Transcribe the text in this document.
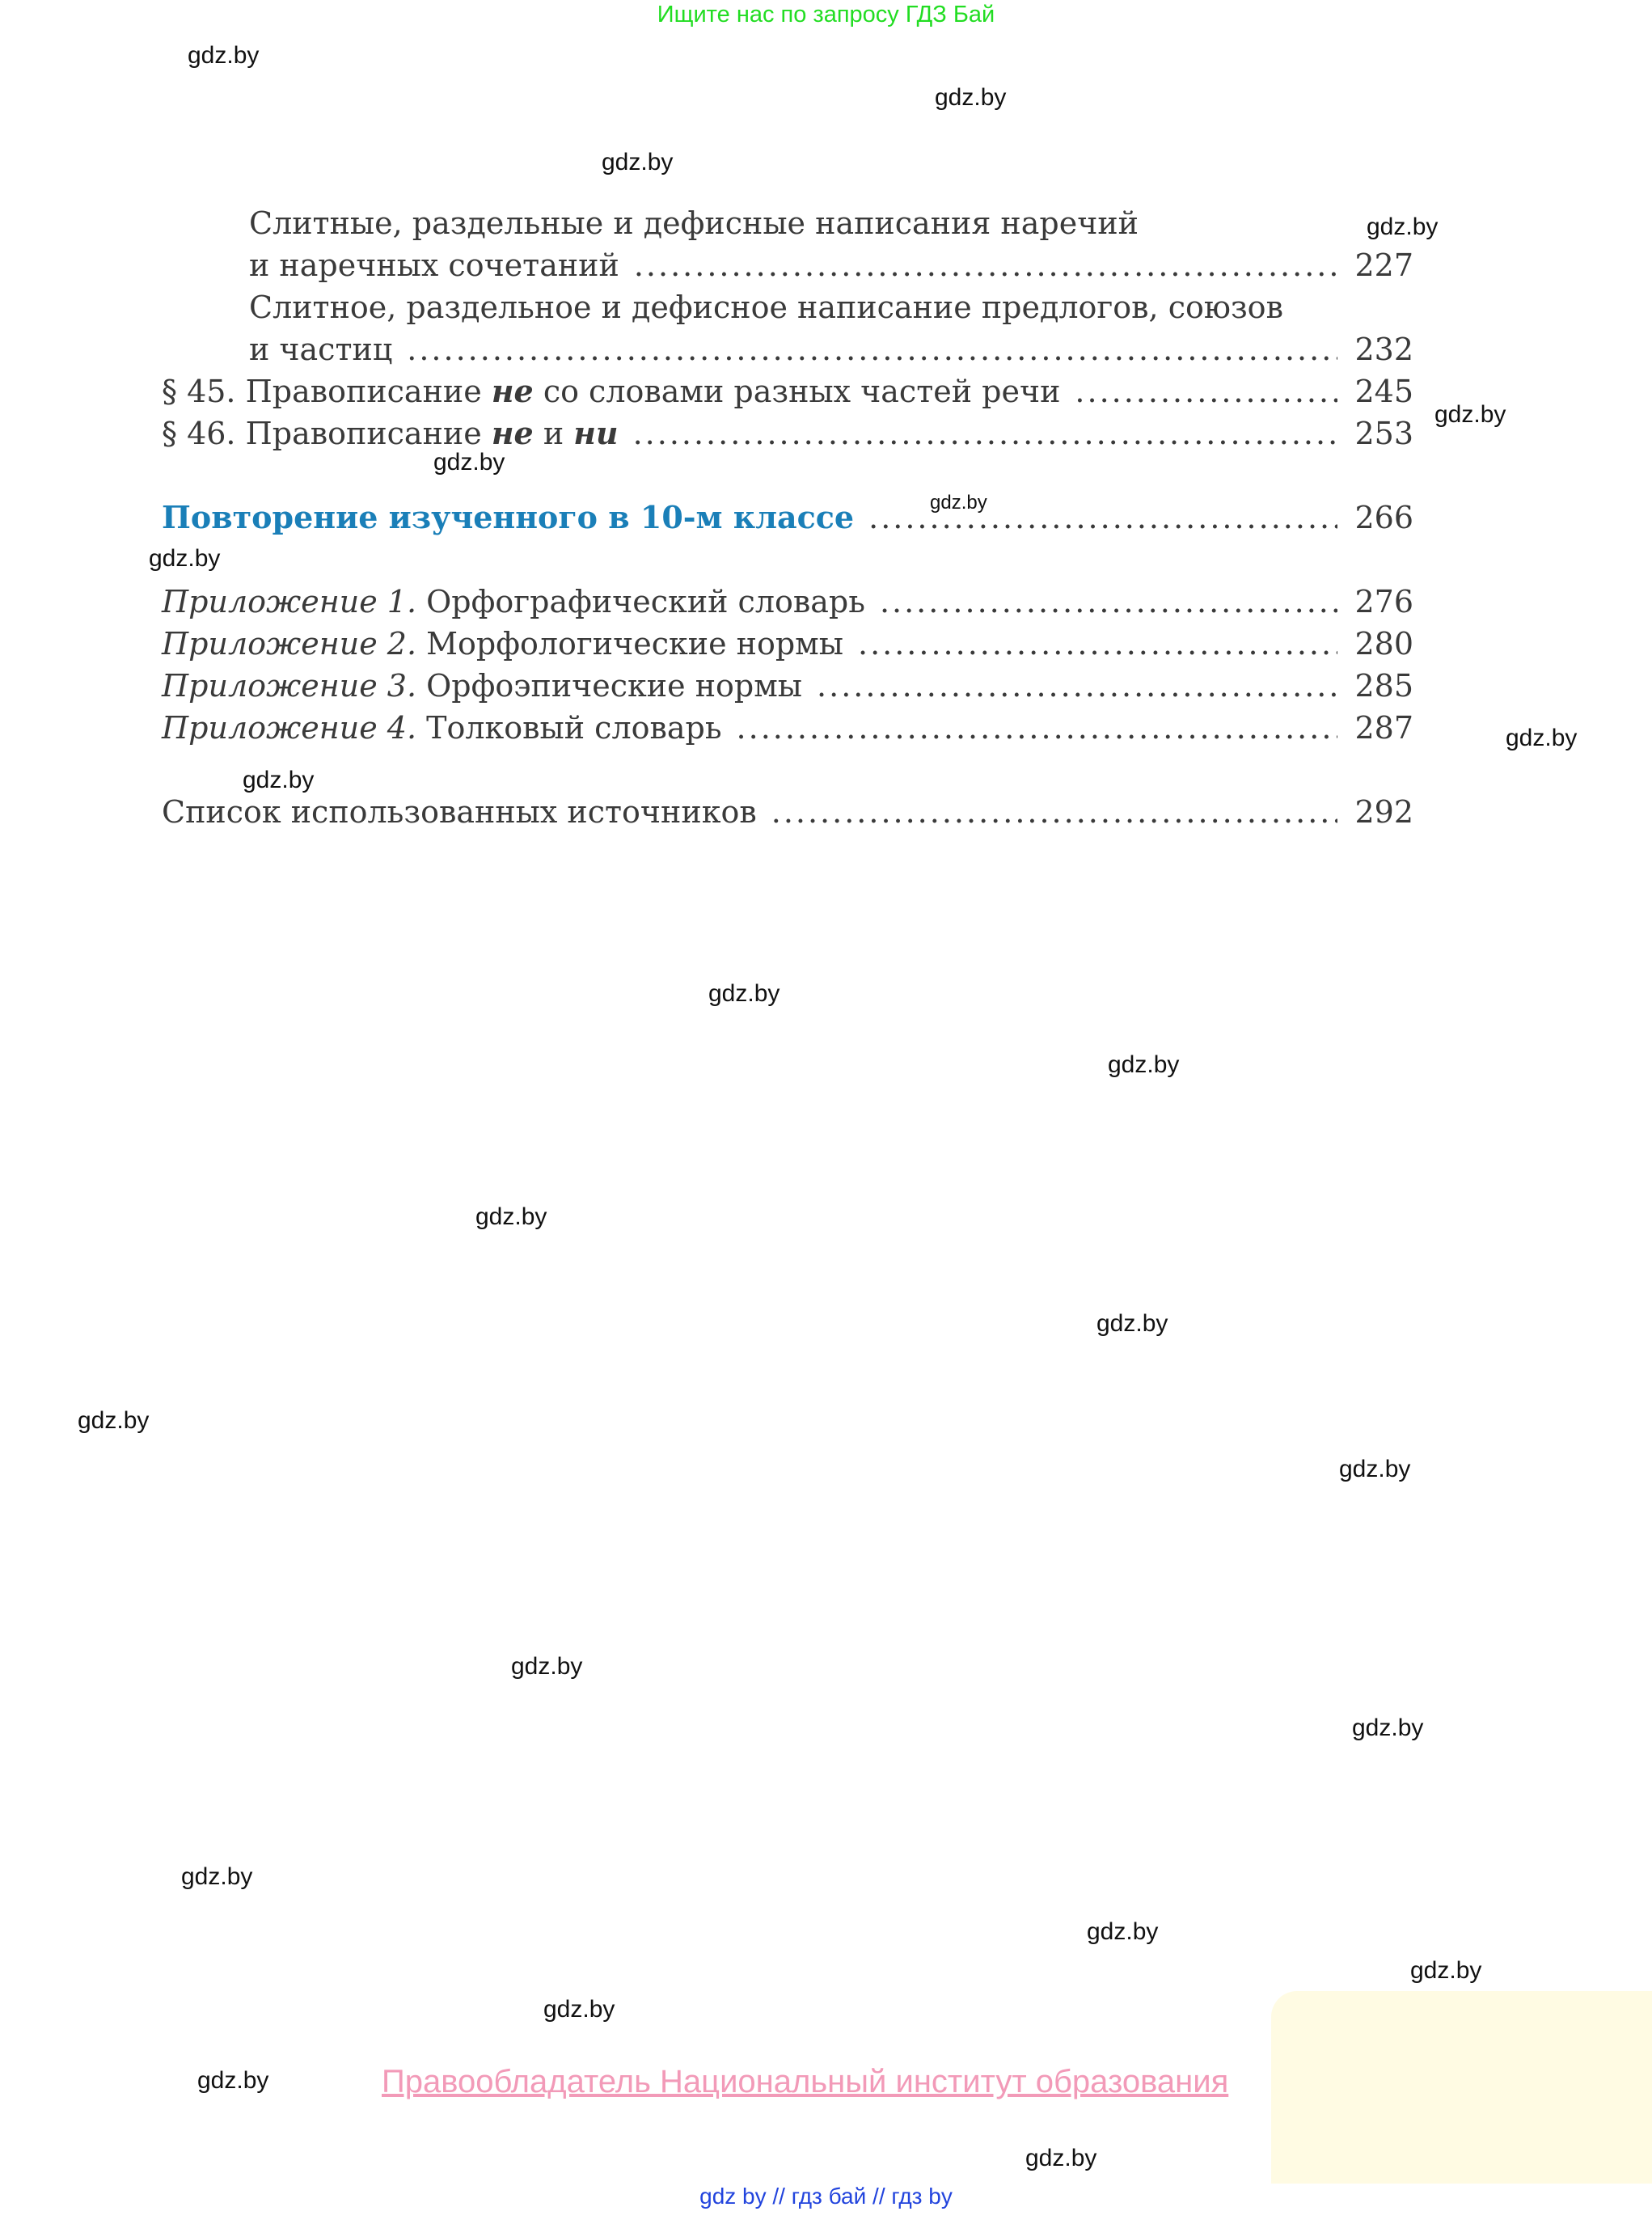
Ищите нас по запросу ГДЗ Бай
gdz.by
gdz.by
gdz.by
gdz.by
gdz.by
gdz.by
gdz.by
gdz.by
gdz.by
gdz.by
gdz.by
gdz.by
gdz.by
gdz.by
gdz.by
gdz.by
gdz.by
gdz.by
gdz.by
gdz.by
gdz.by
gdz.by
gdz.by
gdz.by
Слитные, раздельные и дефисные написания наречий
и наречных сочетаний .....	227
Слитное, раздельное и дефисное написание предлогов, союзов
и частиц .....	232
§ 45. Правописание не со словами разных частей речи .....	245
§ 46. Правописание не и ни .....	253
Повторение изученного в 10-м классе .....	266
Приложение 1. Орфографический словарь .....	276
Приложение 2. Морфологические нормы .....	280
Приложение 3. Орфоэпические нормы .....	285
Приложение 4. Толковый словарь .....	287
Список использованных источников .....	292
Правообладатель Национальный институт образования
gdz by // гдз бай // гдз by
